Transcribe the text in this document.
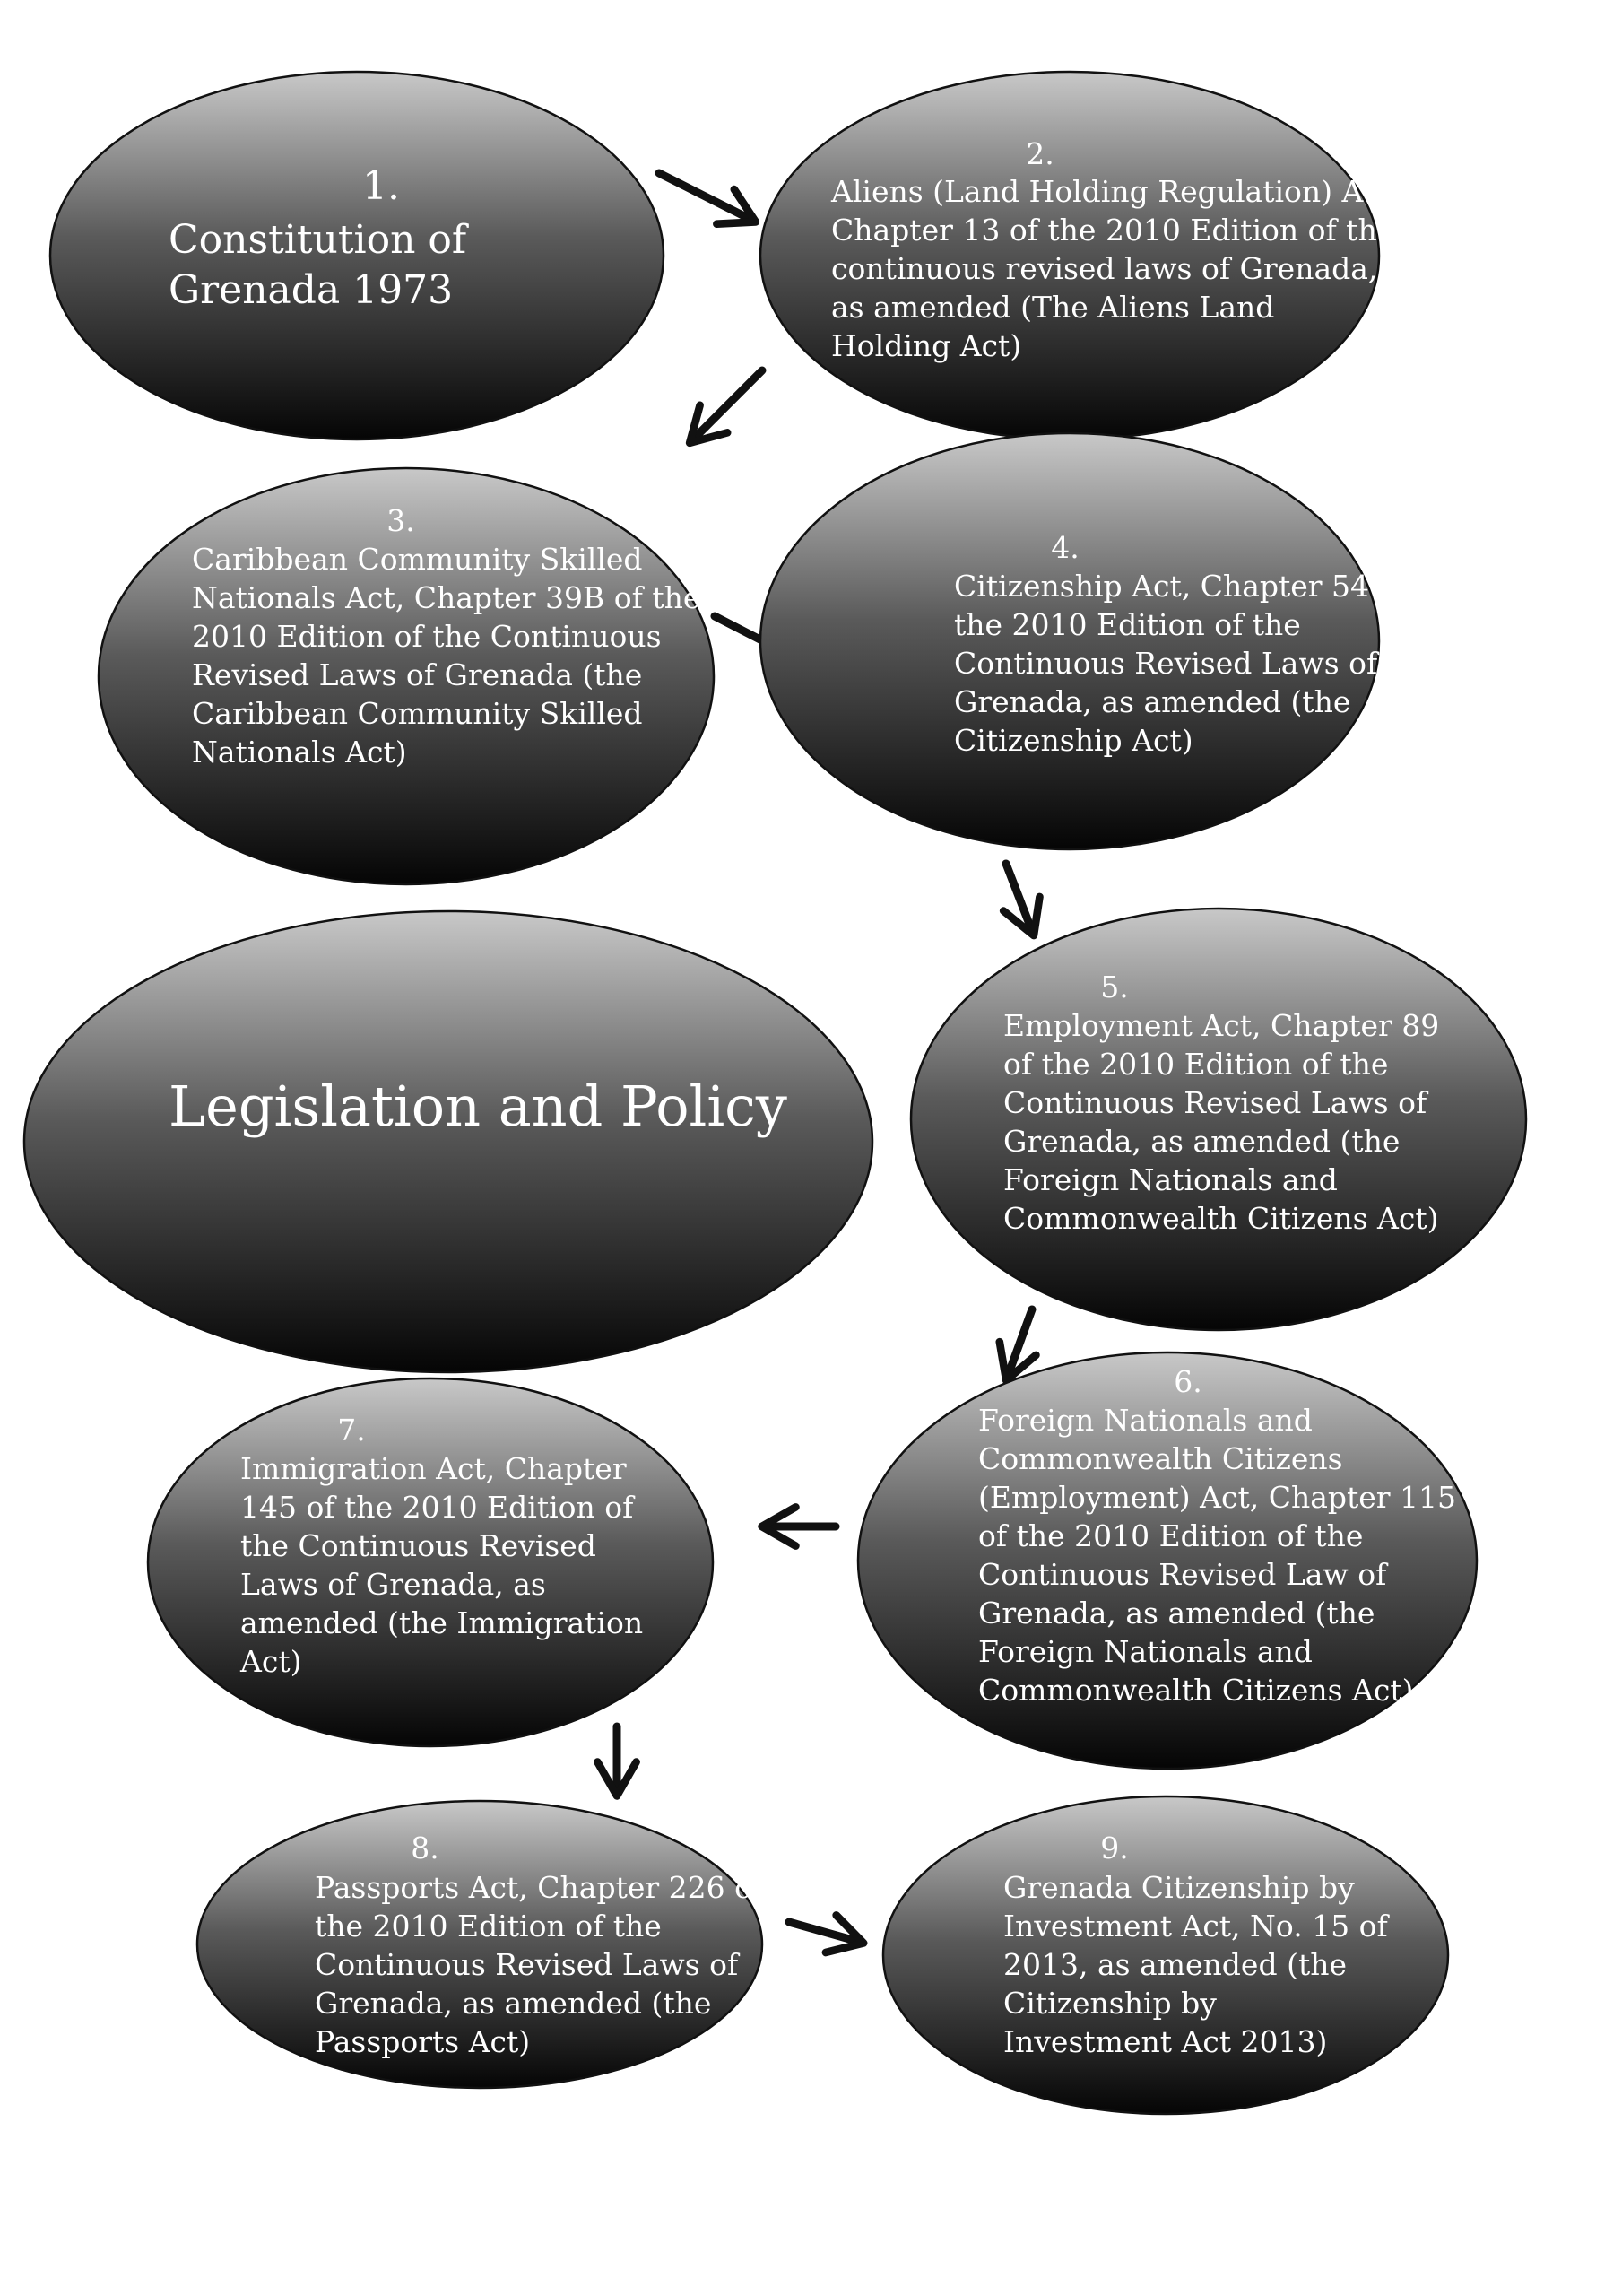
1.
Constitution of
Grenada 1973
2.
Aliens (Land Holding Regulation) Act,
Chapter 13 of the 2010 Edition of the
continuous revised laws of Grenada,
as amended (The Aliens Land
Holding Act)
3.
Caribbean Community Skilled
Nationals Act, Chapter 39B of the
2010 Edition of the Continuous
Revised Laws of Grenada (the
Caribbean Community Skilled
Nationals Act)
4.
Citizenship Act, Chapter 54 of
the 2010 Edition of the
Continuous Revised Laws of
Grenada, as amended (the
Citizenship Act)
Legislation and Policy
5.
Employment Act, Chapter 89
of the 2010 Edition of the
Continuous Revised Laws of
Grenada, as amended (the
Foreign Nationals and
Commonwealth Citizens Act)
6.
Foreign Nationals and
Commonwealth Citizens
(Employment) Act, Chapter 115
of the 2010 Edition of the
Continuous Revised Law of
Grenada, as amended (the
Foreign Nationals and
Commonwealth Citizens Act)
7.
Immigration Act, Chapter
145 of the 2010 Edition of
the Continuous Revised
Laws of Grenada, as
amended (the Immigration
Act)
8.
Passports Act, Chapter 226 of
the 2010 Edition of the
Continuous Revised Laws of
Grenada, as amended (the
Passports Act)
9.
Grenada Citizenship by
Investment Act, No. 15 of
2013, as amended (the
Citizenship by
Investment Act 2013)
